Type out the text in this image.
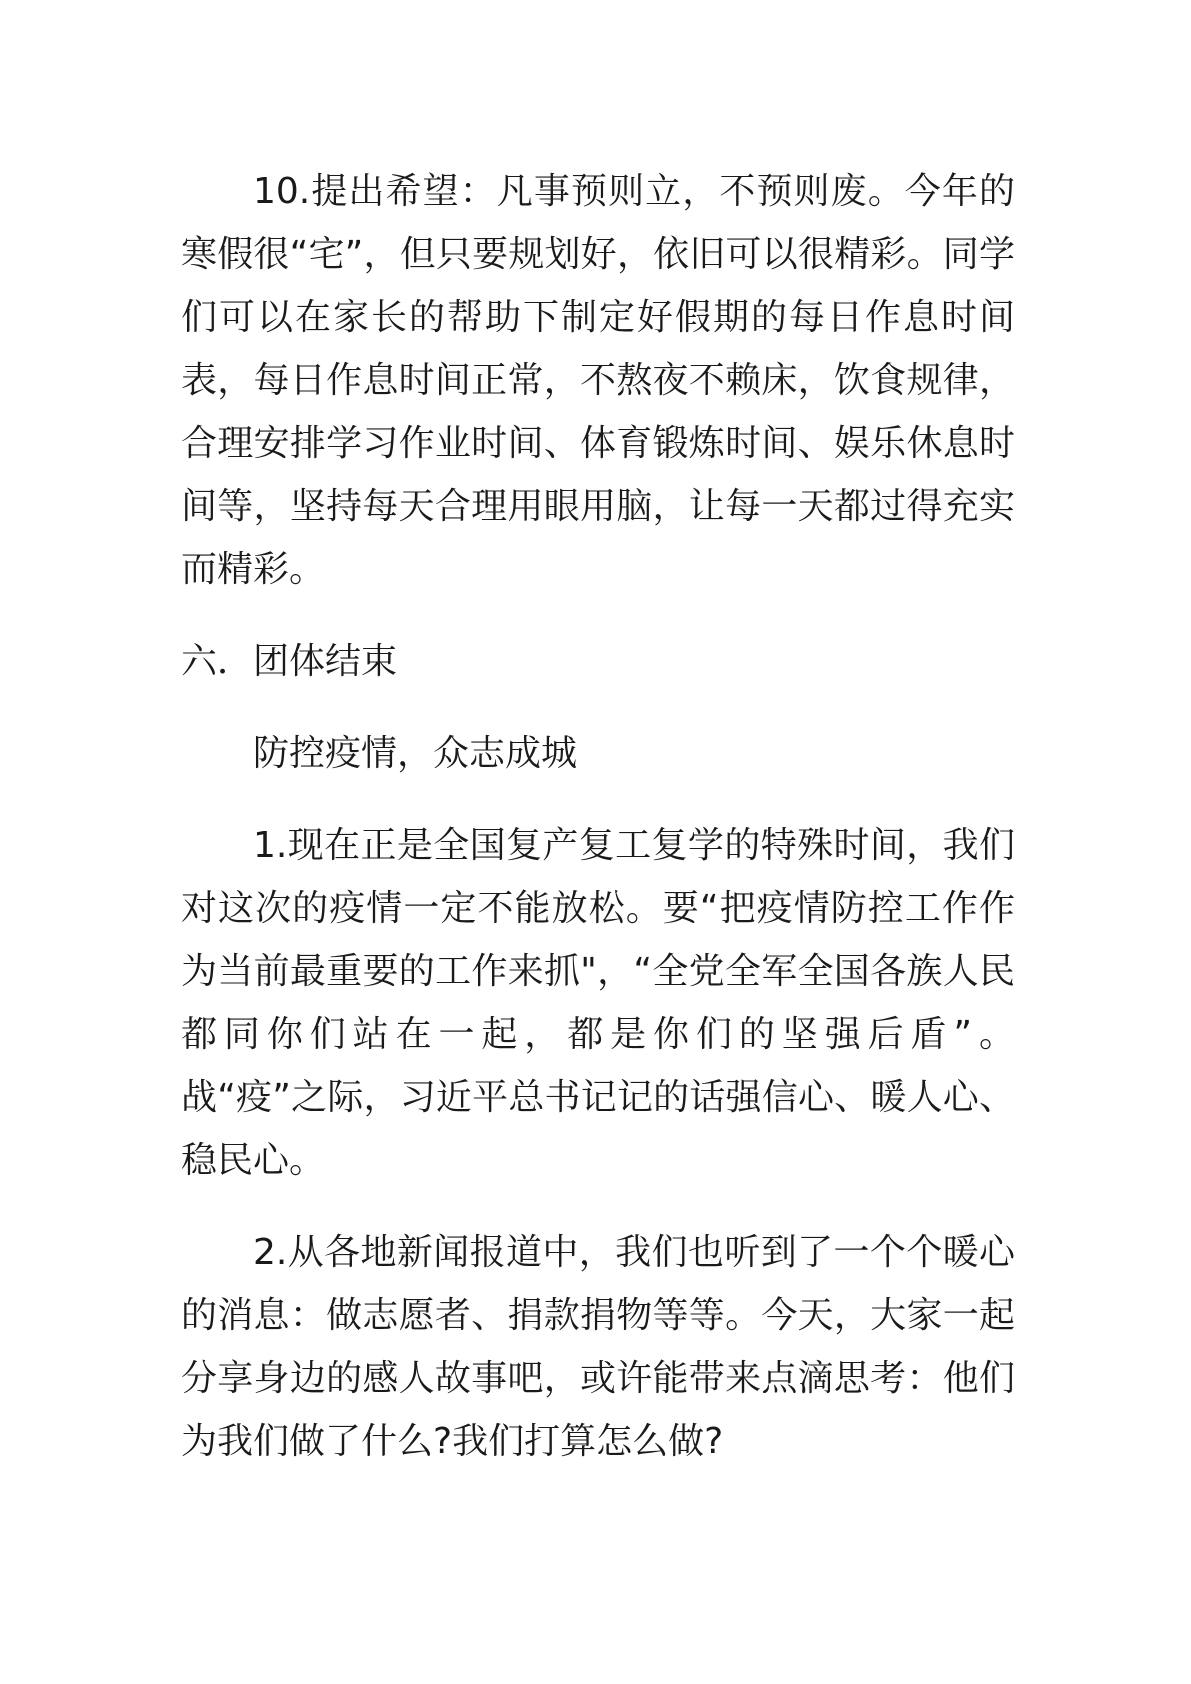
10.提出希望：凡事预则立，不预则废。今年的寒假很“宅”，但只要规划好，依旧可以很精彩。同学们可以在家长的帮助下制定好假期的每日作息时间表，每日作息时间正常，不熬夜不赖床，饮食规律，合理安排学习作业时间、体育锻炼时间、娱乐休息时间等，坚持每天合理用眼用脑，让每一天都过得充实而精彩。

六．团体结束

防控疫情，众志成城

1.现在正是全国复产复工复学的特殊时间，我们对这次的疫情一定不能放松。要“把疫情防控工作作为当前最重要的工作来抓"，“全党全军全国各族人民都同你们站在一起，都是你们的坚强后盾”。战“疫”之际，习近平总书记记的话强信心、暖人心、稳民心。

2.从各地新闻报道中，我们也听到了一个个暖心的消息：做志愿者、捐款捐物等等。今天，大家一起分享身边的感人故事吧，或许能带来点滴思考：他们为我们做了什么?我们打算怎么做?
